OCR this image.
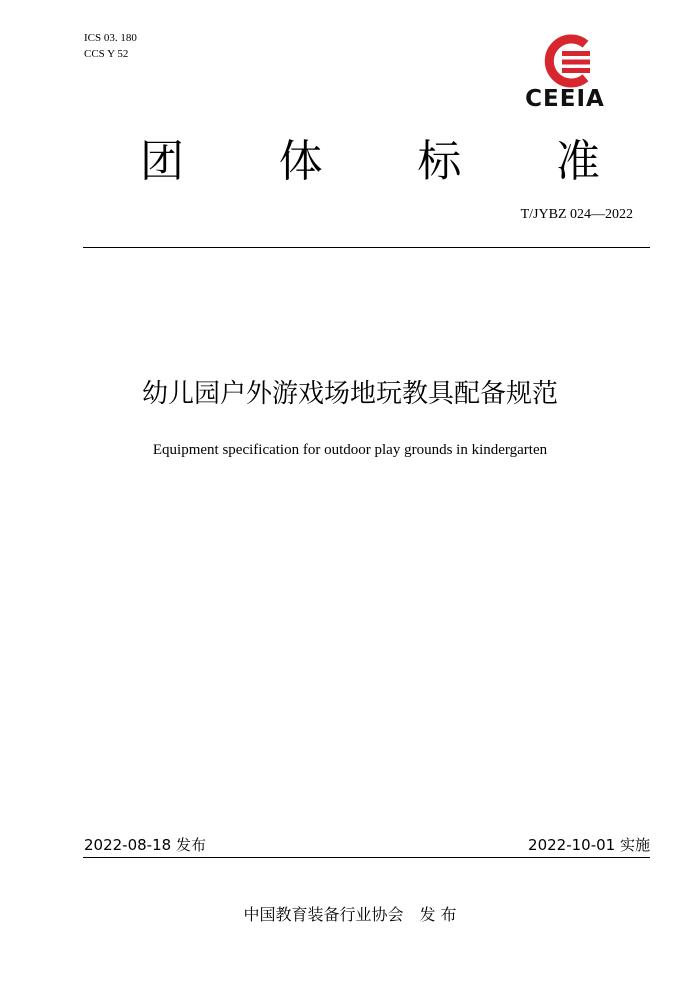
ICS 03. 180
CCS Y 52
CEEIA
团 体 标 准
T/JYBZ 024—2022
幼儿园户外游戏场地玩教具配备规范
Equipment specification for outdoor play grounds in kindergarten
2022-08-18 发布	2022-10-01 实施
中国教育装备行业协会 发 布
